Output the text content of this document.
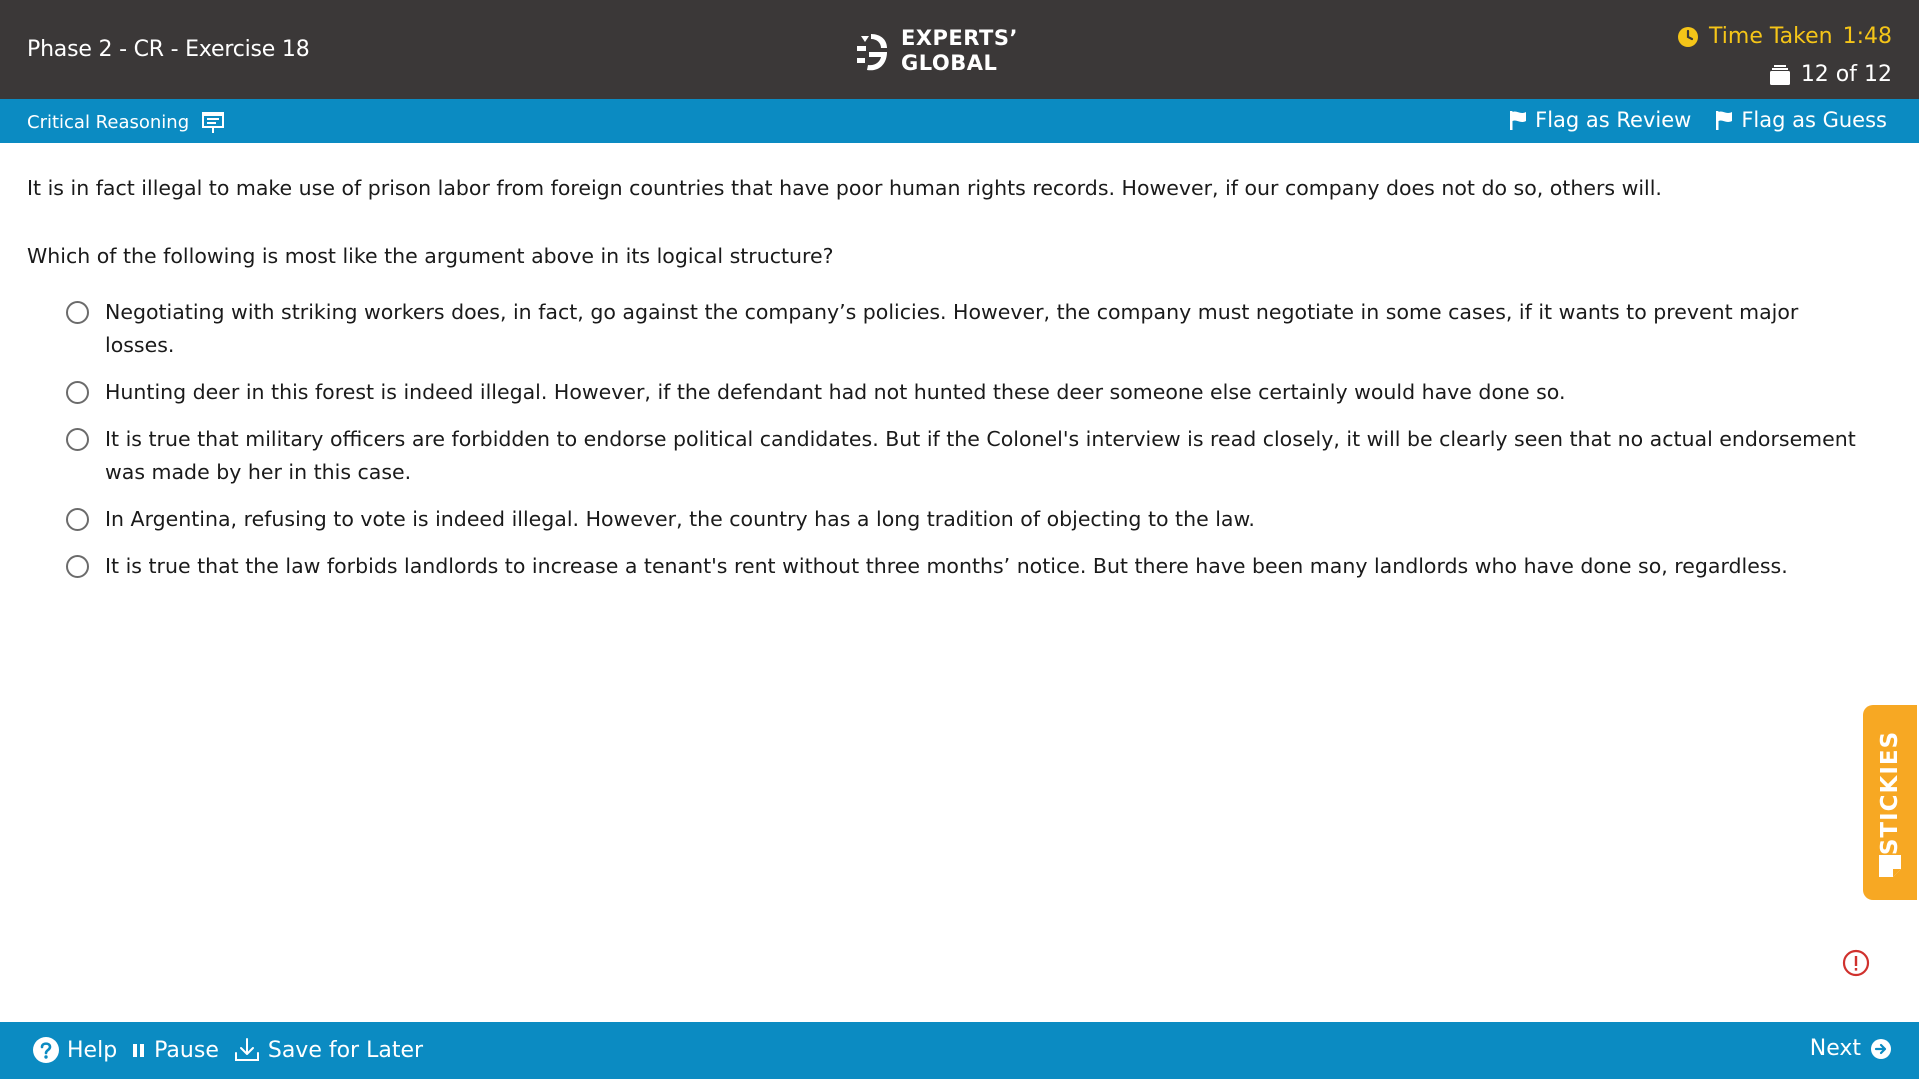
Phase 2 - CR - Exercise 18	EXPERTS’
GLOBAL
Time Taken 1:48
12 of 12
Critical Reasoning	Flag as Review Flag as Guess
It is in fact illegal to make use of prison labor from foreign countries that have poor human rights records. However, if our company does not do so, others will.
Which of the following is most like the argument above in its logical structure?
Negotiating with striking workers does, in fact, go against the company’s policies. However, the company must negotiate in some cases, if it wants to prevent major losses.
Hunting deer in this forest is indeed illegal. However, if the defendant had not hunted these deer someone else certainly would have done so.
It is true that military officers are forbidden to endorse political candidates. But if the Colonel's interview is read closely, it will be clearly seen that no actual endorsement was made by her in this case.
In Argentina, refusing to vote is indeed illegal. However, the country has a long tradition of objecting to the law.
It is true that the law forbids landlords to increase a tenant's rent without three months’ notice. But there have been many landlords who have done so, regardless.
STICKIES
Help Pause Save for Later	Next
